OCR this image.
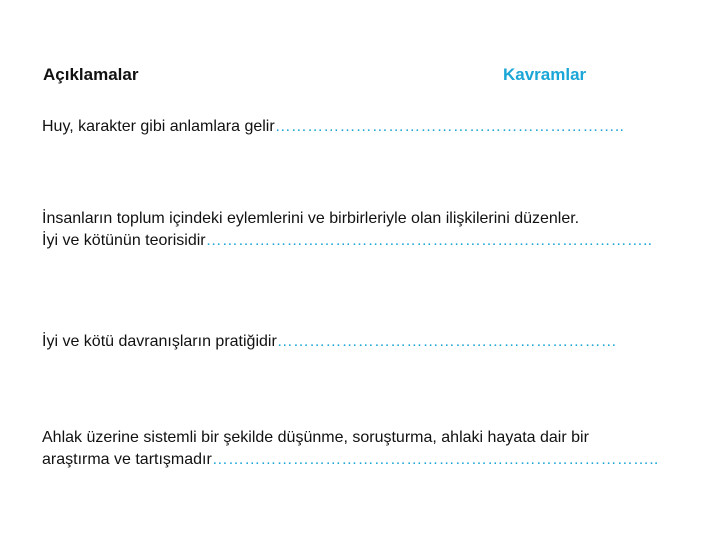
Açıklamalar	Kavramlar
Huy, karakter gibi anlamlara gelir………………………………………………………..
İnsanların toplum içindeki eylemlerini ve birbirleriyle olan ilişkilerini düzenler.
İyi ve kötünün teorisidir………………………………………………………………………..
İyi ve kötü davranışların pratiğidir………………………………………………………
Ahlak üzerine sistemli bir şekilde düşünme, soruşturma, ahlaki hayata dair bir
araştırma ve tartışmadır………………………………………………………………………..
